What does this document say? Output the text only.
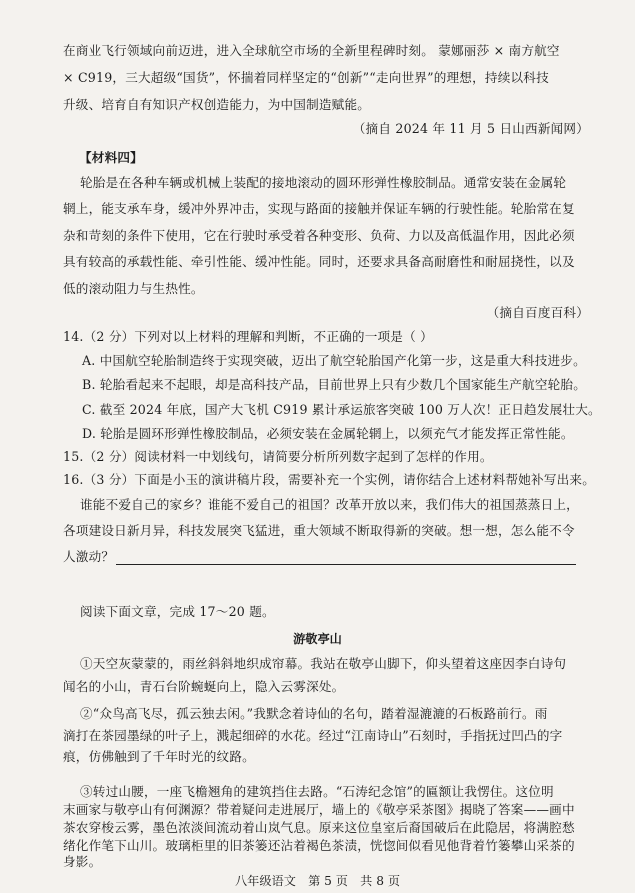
在商业飞行领域向前迈进，进入全球航空市场的全新里程碑时刻。 蒙娜丽莎 × 南方航空
× C919，三大超级“国货”，怀揣着同样坚定的“创新”“走向世界”的理想，持续以科技
升级、培育自有知识产权创造能力，为中国制造赋能。
（摘自 2024 年 11 月 5 日山西新闻网）
【材料四】
轮胎是在各种车辆或机械上装配的接地滚动的圆环形弹性橡胶制品。通常安装在金属轮
辋上，能支承车身，缓冲外界冲击，实现与路面的接触并保证车辆的行驶性能。轮胎常在复
杂和苛刻的条件下使用，它在行驶时承受着各种变形、负荷、力以及高低温作用，因此必须
具有较高的承载性能、牵引性能、缓冲性能。同时，还要求具备高耐磨性和耐屈挠性，以及
低的滚动阻力与生热性。
（摘自百度百科）
14.（2 分）下列对以上材料的理解和判断，不正确的一项是（ ）
A. 中国航空轮胎制造终于实现突破，迈出了航空轮胎国产化第一步，这是重大科技进步。
B. 轮胎看起来不起眼，却是高科技产品，目前世界上只有少数几个国家能生产航空轮胎。
C. 截至 2024 年底，国产大飞机 C919 累计承运旅客突破 100 万人次！正日趋发展壮大。
D. 轮胎是圆环形弹性橡胶制品，必须安装在金属轮辋上，以须充气才能发挥正常性能。
15.（2 分）阅读材料一中划线句，请简要分析所列数字起到了怎样的作用。
16.（3 分）下面是小玉的演讲稿片段，需要补充一个实例，请你结合上述材料帮她补写出来。
谁能不爱自己的家乡？谁能不爱自己的祖国？改革开放以来，我们伟大的祖国蒸蒸日上，
各项建设日新月异，科技发展突飞猛进，重大领域不断取得新的突破。想一想，怎么能不令
人激动？
阅读下面文章，完成 17～20 题。
游敬亭山
①天空灰蒙蒙的，雨丝斜斜地织成帘幕。我站在敬亭山脚下，仰头望着这座因李白诗句
闻名的小山，青石台阶蜿蜒向上，隐入云雾深处。
②“众鸟高飞尽，孤云独去闲。”我默念着诗仙的名句，踏着湿漉漉的石板路前行。雨
滴打在茶园墨绿的叶子上，溅起细碎的水花。经过“江南诗山”石刻时，手指抚过凹凸的字
痕，仿佛触到了千年时光的纹路。
③转过山腰，一座飞檐翘角的建筑挡住去路。“石涛纪念馆”的匾额让我愣住。这位明
末画家与敬亭山有何渊源？带着疑问走进展厅，墙上的《敬亭采茶图》揭晓了答案——画中
茶农穿梭云雾，墨色浓淡间流动着山岚气息。原来这位皇室后裔国破后在此隐居，将满腔愁
绪化作笔下山川。玻璃柜里的旧茶篓还沾着褐色茶渍，恍惚间似看见他背着竹篓攀山采茶的
身影。
八年级语文　第 5 页　共 8 页
